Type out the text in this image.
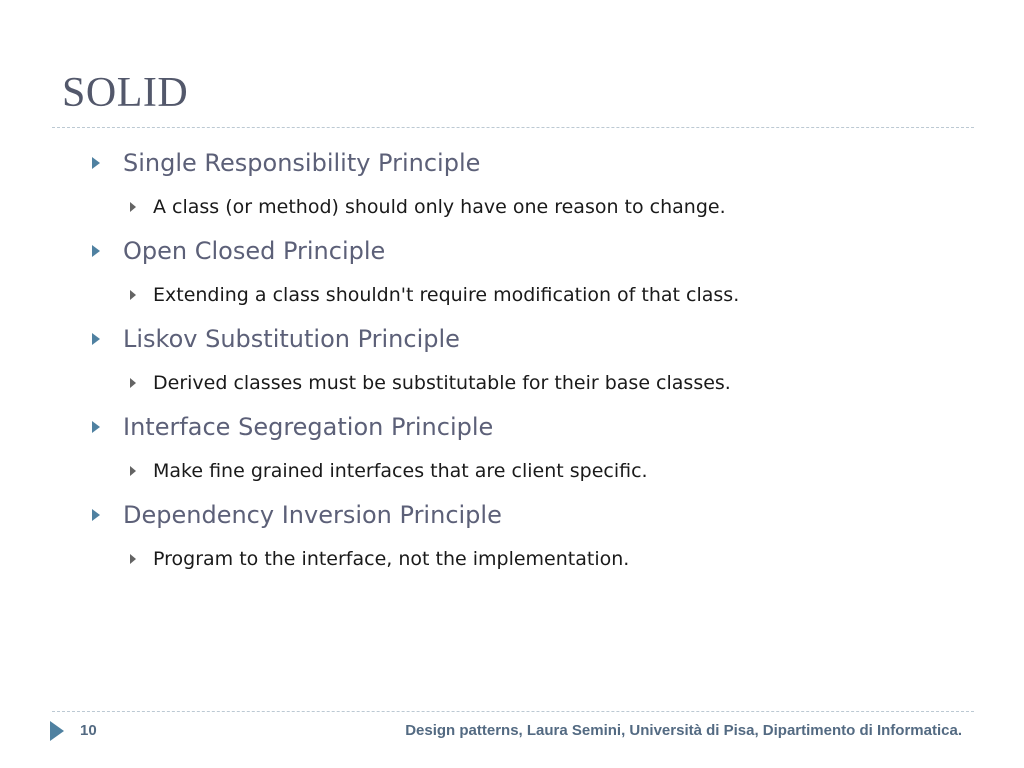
SOLID
Single Responsibility Principle
A class (or method) should only have one reason to change.
Open Closed Principle
Extending a class shouldn't require modification of that class.
Liskov Substitution Principle
Derived classes must be substitutable for their base classes.
Interface Segregation Principle
Make fine grained interfaces that are client specific.
Dependency Inversion Principle
Program to the interface, not the implementation.
10	Design patterns, Laura Semini, Università di Pisa, Dipartimento di Informatica.
